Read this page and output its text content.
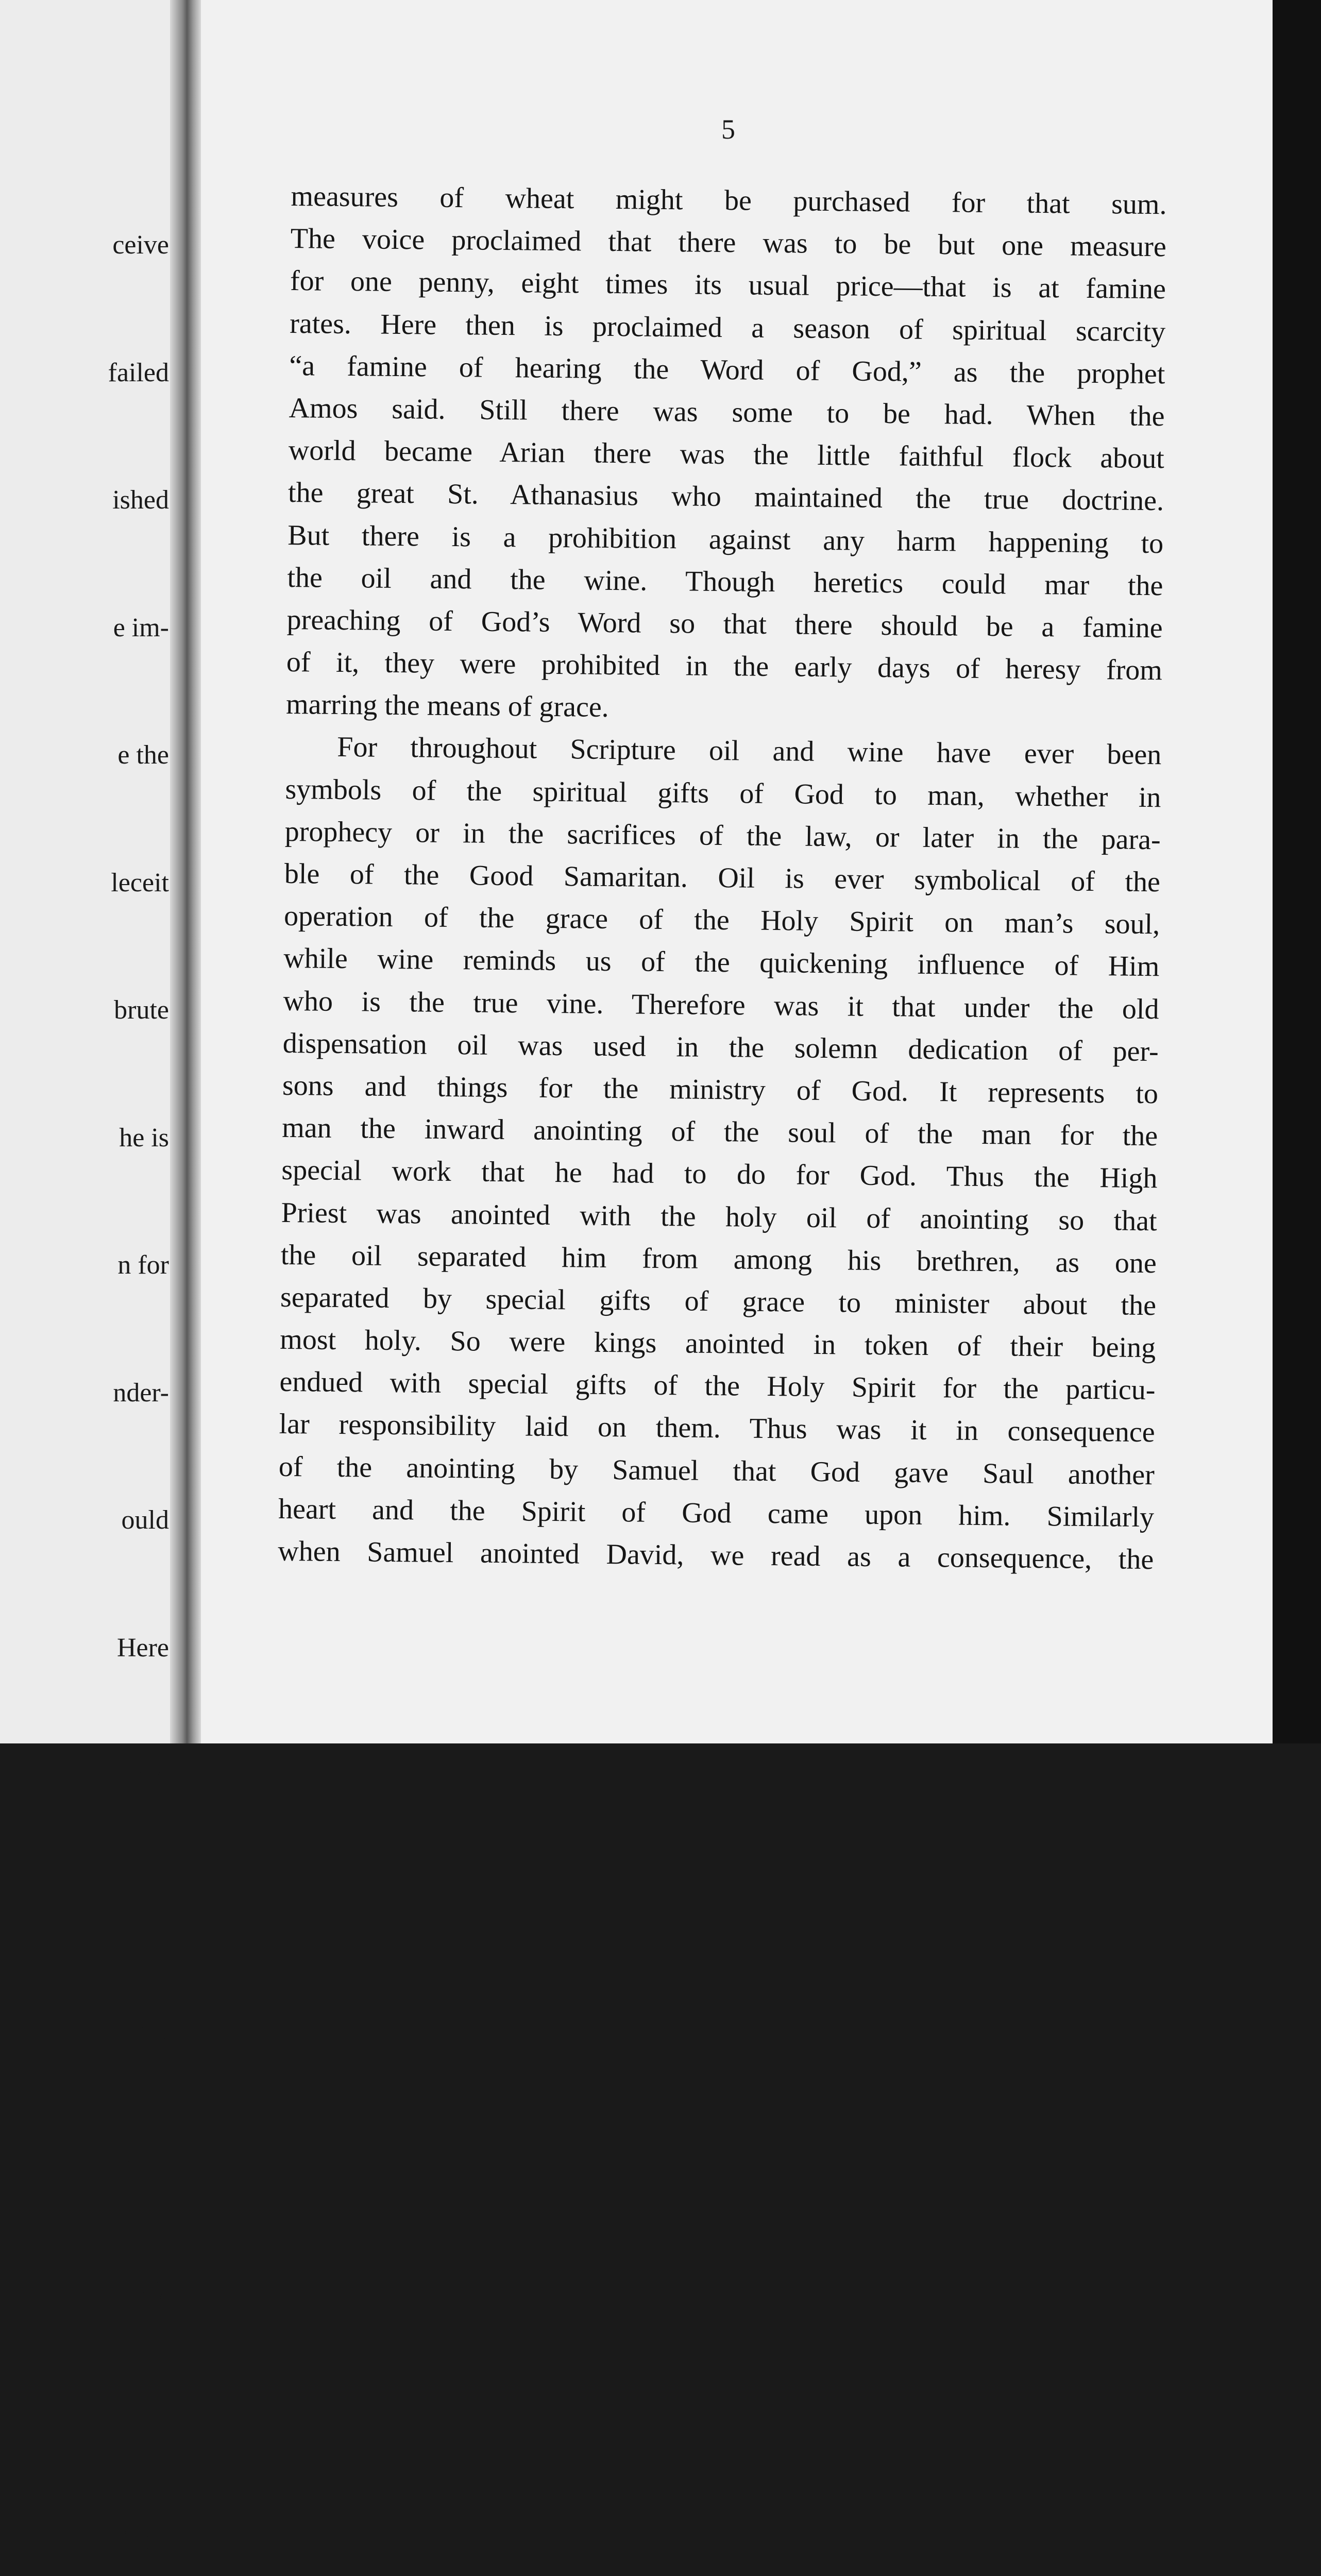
ceive

failed

ished

e im-

e the

leceit

brute

he is

n for

nder-

ould

Here

f the

d of

ures.

nani-

eresy

four

ided

5
measures of wheat might be purchased for that sum.
The voice proclaimed that there was to be but one measure
for one penny, eight times its usual price—that is at famine
rates. Here then is proclaimed a season of spiritual scarcity
“a famine of hearing the Word of God,” as the prophet
Amos said. Still there was some to be had. When the
world became Arian there was the little faithful flock about
the great St. Athanasius who maintained the true doctrine.
But there is a prohibition against any harm happening to
the oil and the wine. Though heretics could mar the
preaching of God’s Word so that there should be a famine
of it, they were prohibited in the early days of heresy from
marring the means of grace.
For throughout Scripture oil and wine have ever been
symbols of the spiritual gifts of God to man, whether in
prophecy or in the sacrifices of the law, or later in the para-
ble of the Good Samaritan. Oil is ever symbolical of the
operation of the grace of the Holy Spirit on man’s soul,
while wine reminds us of the quickening influence of Him
who is the true vine. Therefore was it that under the old
dispensation oil was used in the solemn dedication of per-
sons and things for the ministry of God. It represents to
man the inward anointing of the soul of the man for the
special work that he had to do for God. Thus the High
Priest was anointed with the holy oil of anointing so that
the oil separated him from among his brethren, as one
separated by special gifts of grace to minister about the
most holy. So were kings anointed in token of their being
endued with special gifts of the Holy Spirit for the particu-
lar responsibility laid on them. Thus was it in consequence
of the anointing by Samuel that God gave Saul another
heart and the Spirit of God came upon him. Similarly
when Samuel anointed David, we read as a consequence, the
